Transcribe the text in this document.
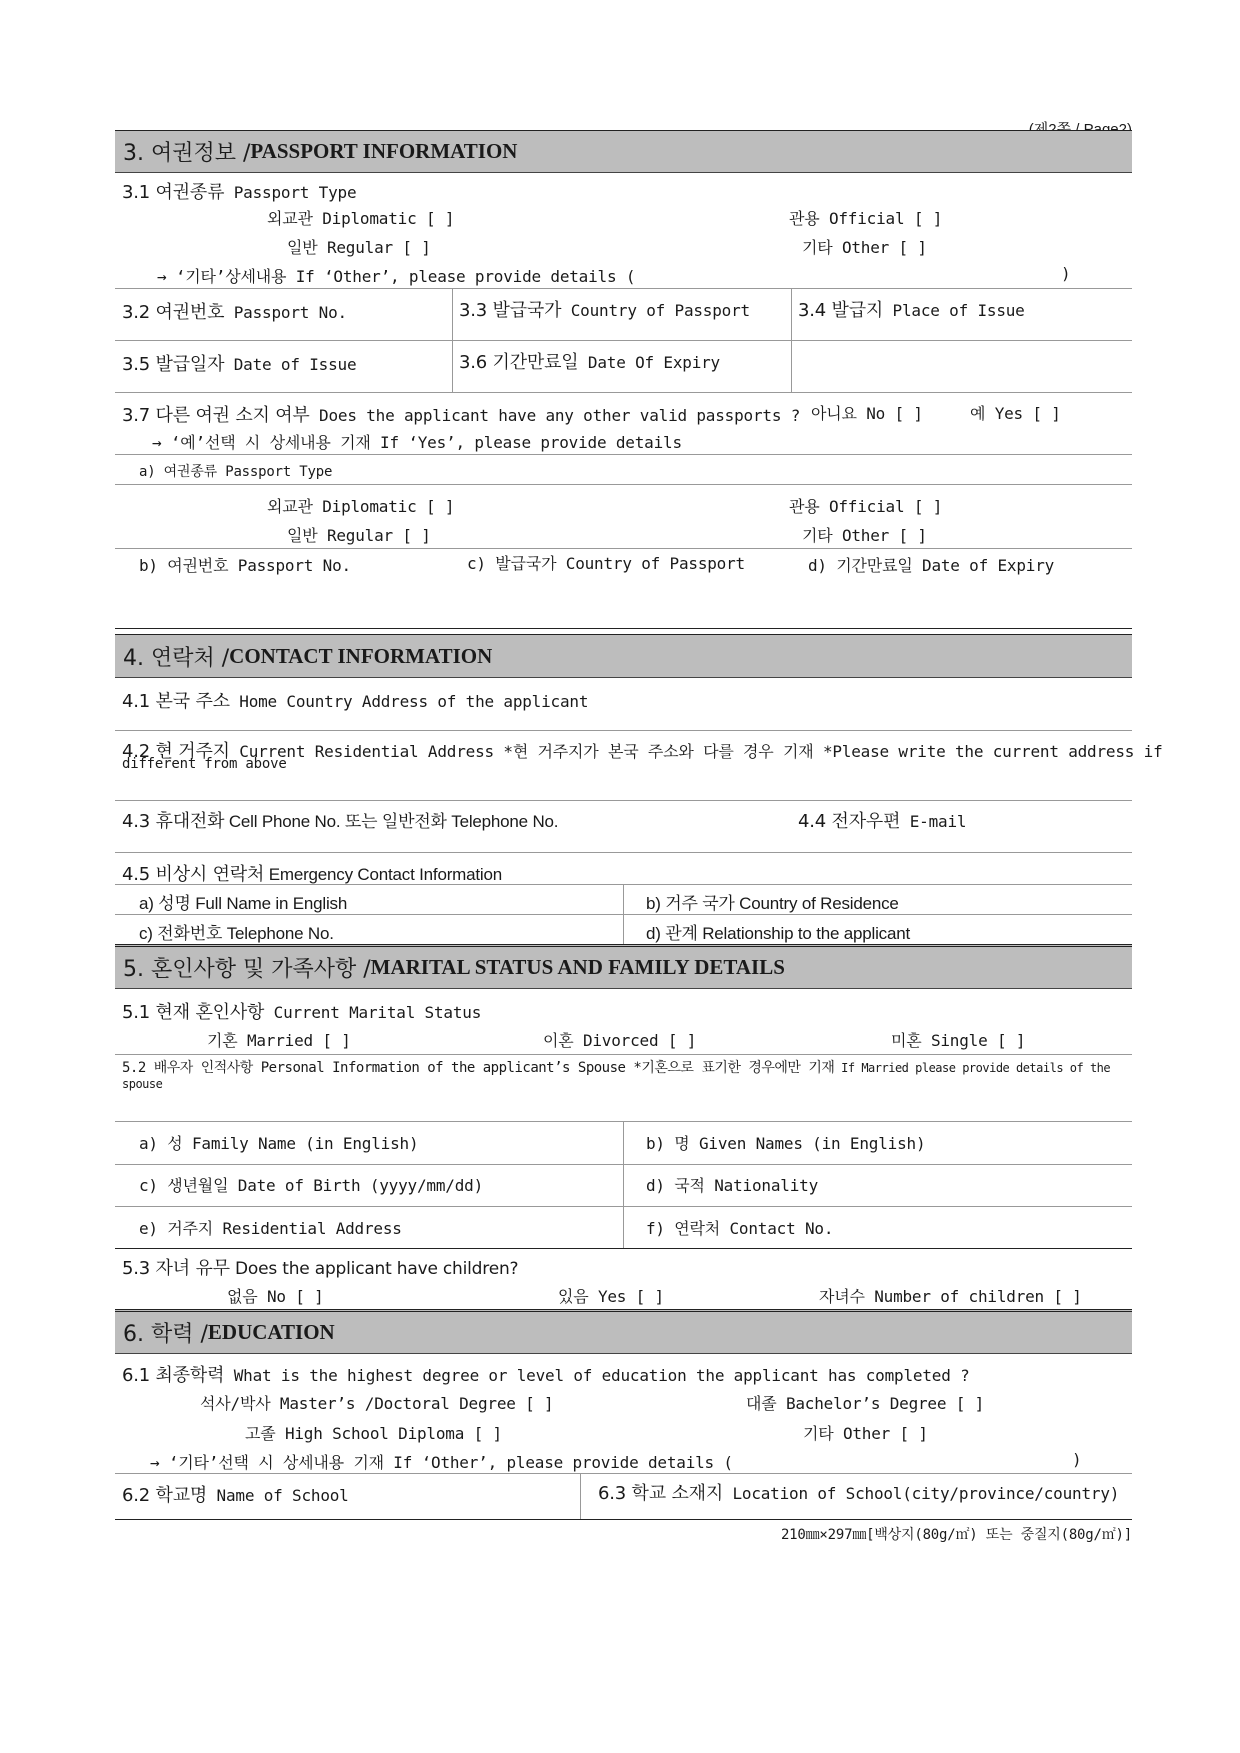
3. 여권정보 / PASSPORT INFORMATION
3.1 여권종류 Passport Type
외교관 Diplomatic [ ]	관용 Official [ ]
일반 Regular [ ]	기타 Other [ ]
→ ‘기타’상세내용 If ‘Other’, please provide details (	)
3.2 여권번호 Passport No.	3.3 발급국가 Country of Passport	3.4 발급지 Place of Issue
3.5 발급일자 Date of Issue	3.6 기간만료일 Date Of Expiry
3.7 다른 여권 소지 여부 Does the applicant have any other valid passports ? 아니요 No [ ]	예 Yes [ ]
→ ‘예’선택 시 상세내용 기재 If ‘Yes’, please provide details
a) 여권종류 Passport Type
외교관 Diplomatic [ ]	관용 Official [ ]
일반 Regular [ ]	기타 Other [ ]
b) 여권번호 Passport No.	c) 발급국가 Country of Passport	d) 기간만료일 Date of Expiry
4. 연락처 / CONTACT INFORMATION
4.1 본국 주소 Home Country Address of the applicant
4.2 현 거주지 Current Residential Address *현 거주지가 본국 주소와 다를 경우 기재 *Please write the current address if
different from above
4.3 휴대전화 Cell Phone No. 또는 일반전화 Telephone No.	4.4 전자우편 E-mail
4.5 비상시 연락처 Emergency Contact Information
a) 성명 Full Name in English	b) 거주 국가 Country of Residence
c) 전화번호 Telephone No.	d) 관계 Relationship to the applicant
5. 혼인사항 및 가족사항 / MARITAL STATUS AND FAMILY DETAILS
5.1 현재 혼인사항 Current Marital Status
기혼 Married [ ]	이혼 Divorced [ ]	미혼 Single [ ]
5.2 배우자 인적사항 Personal Information of the applicant’s Spouse *기혼으로 표기한 경우에만 기재 If Married please provide details of the spouse
a) 성 Family Name (in English)	b) 명 Given Names (in English)
c) 생년월일 Date of Birth (yyyy/mm/dd)	d) 국적 Nationality
e) 거주지 Residential Address	f) 연락처 Contact No.
5.3 자녀 유무 Does the applicant have children?
없음 No [ ]	있음 Yes [ ]	자녀수 Number of children [ ]
6. 학력 / EDUCATION
6.1 최종학력 What is the highest degree or level of education the applicant has completed ?
석사/박사 Master’s /Doctoral Degree [ ]	대졸 Bachelor’s Degree [ ]
고졸 High School Diploma [ ]	기타 Other [ ]
→ ‘기타’선택 시 상세내용 기재 If ‘Other’, please provide details (	)
6.2 학교명 Name of School	6.3 학교 소재지 Location of School(city/province/country)
210㎜×297㎜[백상지(80g/㎡) 또는 중질지(80g/㎡)]
